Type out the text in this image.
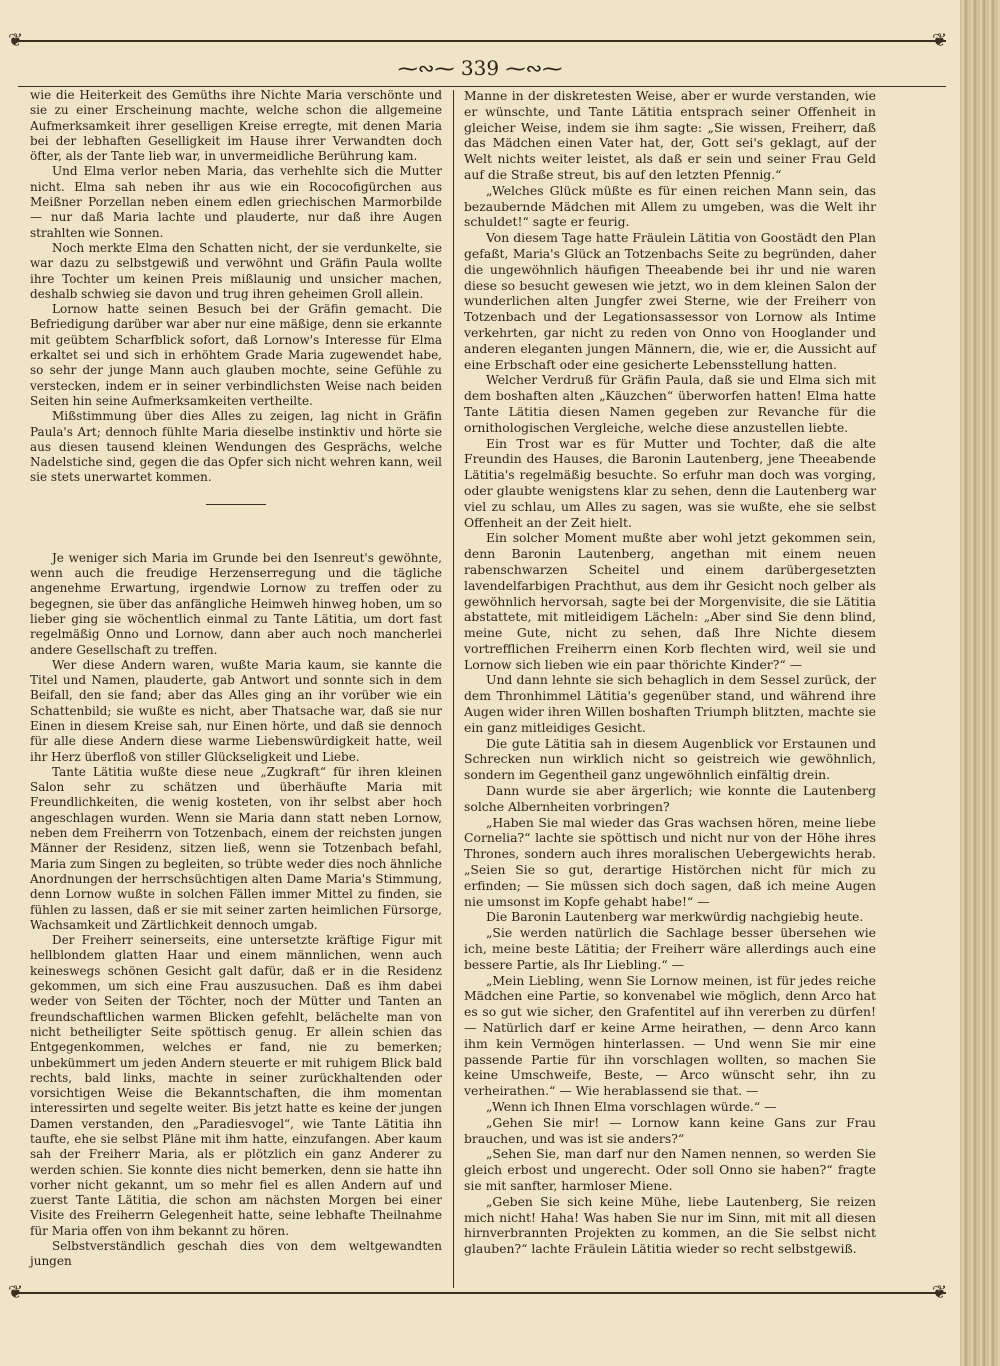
❦	❦
⁓∾⁓ 339 ⁓∾⁓

wie die Heiterkeit des Gemüths ihre Nichte Maria verschönte und sie zu einer Erscheinung machte, welche schon die allgemeine Aufmerksamkeit ihrer geselligen Kreise erregte, mit denen Maria bei der lebhaften Geselligkeit im Hause ihrer Verwandten doch öfter, als der Tante lieb war, in unvermeidliche Berührung kam.

Und Elma verlor neben Maria, das verhehlte sich die Mutter nicht. Elma sah neben ihr aus wie ein Rococofigürchen aus Meißner Porzellan neben einem edlen griechischen Marmorbilde — nur daß Maria lachte und plauderte, nur daß ihre Augen strahlten wie Sonnen.

Noch merkte Elma den Schatten nicht, der sie verdunkelte, sie war dazu zu selbstgewiß und verwöhnt und Gräfin Paula wollte ihre Tochter um keinen Preis mißlaunig und unsicher machen, deshalb schwieg sie davon und trug ihren geheimen Groll allein.

Lornow hatte seinen Besuch bei der Gräfin gemacht. Die Befriedigung darüber war aber nur eine mäßige, denn sie erkannte mit geübtem Scharfblick sofort, daß Lornow's Interesse für Elma erkaltet sei und sich in erhöhtem Grade Maria zugewendet habe, so sehr der junge Mann auch glauben mochte, seine Gefühle zu verstecken, indem er in seiner verbindlichsten Weise nach beiden Seiten hin seine Aufmerksamkeiten vertheilte.

Mißstimmung über dies Alles zu zeigen, lag nicht in Gräfin Paula's Art; dennoch fühlte Maria dieselbe instinktiv und hörte sie aus diesen tausend kleinen Wendungen des Gesprächs, welche Nadelstiche sind, gegen die das Opfer sich nicht wehren kann, weil sie stets unerwartet kommen.

Je weniger sich Maria im Grunde bei den Isenreut's gewöhnte, wenn auch die freudige Herzenserregung und die tägliche angenehme Erwartung, irgendwie Lornow zu treffen oder zu begegnen, sie über das anfängliche Heimweh hinweg hoben, um so lieber ging sie wöchentlich einmal zu Tante Lätitia, um dort fast regelmäßig Onno und Lornow, dann aber auch noch mancherlei andere Gesellschaft zu treffen.

Wer diese Andern waren, wußte Maria kaum, sie kannte die Titel und Namen, plauderte, gab Antwort und sonnte sich in dem Beifall, den sie fand; aber das Alles ging an ihr vorüber wie ein Schattenbild; sie wußte es nicht, aber Thatsache war, daß sie nur Einen in diesem Kreise sah, nur Einen hörte, und daß sie dennoch für alle diese Andern diese warme Liebenswürdigkeit hatte, weil ihr Herz überfloß von stiller Glückseligkeit und Liebe.

Tante Lätitia wußte diese neue „Zugkraft“ für ihren kleinen Salon sehr zu schätzen und überhäufte Maria mit Freundlichkeiten, die wenig kosteten, von ihr selbst aber hoch angeschlagen wurden. Wenn sie Maria dann statt neben Lornow, neben dem Freiherrn von Totzenbach, einem der reichsten jungen Männer der Residenz, sitzen ließ, wenn sie Totzenbach befahl, Maria zum Singen zu begleiten, so trübte weder dies noch ähnliche Anordnungen der herrschsüchtigen alten Dame Maria's Stimmung, denn Lornow wußte in solchen Fällen immer Mittel zu finden, sie fühlen zu lassen, daß er sie mit seiner zarten heimlichen Fürsorge, Wachsamkeit und Zärtlichkeit dennoch umgab.

Der Freiherr seinerseits, eine untersetzte kräftige Figur mit hellblondem glatten Haar und einem männlichen, wenn auch keineswegs schönen Gesicht galt dafür, daß er in die Residenz gekommen, um sich eine Frau auszusuchen. Daß es ihm dabei weder von Seiten der Töchter, noch der Mütter und Tanten an freundschaftlichen warmen Blicken gefehlt, belächelte man von nicht betheiligter Seite spöttisch genug. Er allein schien das Entgegenkommen, welches er fand, nie zu bemerken; unbekümmert um jeden Andern steuerte er mit ruhigem Blick bald rechts, bald links, machte in seiner zurückhaltenden oder vorsichtigen Weise die Bekanntschaften, die ihm momentan interessirten und segelte weiter. Bis jetzt hatte es keine der jungen Damen verstanden, den „Paradiesvogel“, wie Tante Lätitia ihn taufte, ehe sie selbst Pläne mit ihm hatte, einzufangen. Aber kaum sah der Freiherr Maria, als er plötzlich ein ganz Anderer zu werden schien. Sie konnte dies nicht bemerken, denn sie hatte ihn vorher nicht gekannt, um so mehr fiel es allen Andern auf und zuerst Tante Lätitia, die schon am nächsten Morgen bei einer Visite des Freiherrn Gelegenheit hatte, seine lebhafte Theilnahme für Maria offen von ihm bekannt zu hören.

Selbstverständlich geschah dies von dem weltgewandten jungen

Manne in der diskretesten Weise, aber er wurde verstanden, wie er wünschte, und Tante Lätitia entsprach seiner Offenheit in gleicher Weise, indem sie ihm sagte: „Sie wissen, Freiherr, daß das Mädchen einen Vater hat, der, Gott sei's geklagt, auf der Welt nichts weiter leistet, als daß er sein und seiner Frau Geld auf die Straße streut, bis auf den letzten Pfennig.“

„Welches Glück müßte es für einen reichen Mann sein, das bezaubernde Mädchen mit Allem zu umgeben, was die Welt ihr schuldet!“ sagte er feurig.

Von diesem Tage hatte Fräulein Lätitia von Goostädt den Plan gefaßt, Maria's Glück an Totzenbachs Seite zu begründen, daher die ungewöhnlich häufigen Theeabende bei ihr und nie waren diese so besucht gewesen wie jetzt, wo in dem kleinen Salon der wunderlichen alten Jungfer zwei Sterne, wie der Freiherr von Totzenbach und der Legationsassessor von Lornow als Intime verkehrten, gar nicht zu reden von Onno von Hooglander und anderen eleganten jungen Männern, die, wie er, die Aussicht auf eine Erbschaft oder eine gesicherte Lebensstellung hatten.

Welcher Verdruß für Gräfin Paula, daß sie und Elma sich mit dem boshaften alten „Käuzchen“ überworfen hatten! Elma hatte Tante Lätitia diesen Namen gegeben zur Revanche für die ornithologischen Vergleiche, welche diese anzustellen liebte.

Ein Trost war es für Mutter und Tochter, daß die alte Freundin des Hauses, die Baronin Lautenberg, jene Theeabende Lätitia's regelmäßig besuchte. So erfuhr man doch was vorging, oder glaubte wenigstens klar zu sehen, denn die Lautenberg war viel zu schlau, um Alles zu sagen, was sie wußte, ehe sie selbst Offenheit an der Zeit hielt.

Ein solcher Moment mußte aber wohl jetzt gekommen sein, denn Baronin Lautenberg, angethan mit einem neuen rabenschwarzen Scheitel und einem darübergesetzten lavendelfarbigen Prachthut, aus dem ihr Gesicht noch gelber als gewöhnlich hervorsah, sagte bei der Morgenvisite, die sie Lätitia abstattete, mit mitleidigem Lächeln: „Aber sind Sie denn blind, meine Gute, nicht zu sehen, daß Ihre Nichte diesem vortrefflichen Freiherrn einen Korb flechten wird, weil sie und Lornow sich lieben wie ein paar thörichte Kinder?“ —

Und dann lehnte sie sich behaglich in dem Sessel zurück, der dem Thronhimmel Lätitia's gegenüber stand, und während ihre Augen wider ihren Willen boshaften Triumph blitzten, machte sie ein ganz mitleidiges Gesicht.

Die gute Lätitia sah in diesem Augenblick vor Erstaunen und Schrecken nun wirklich nicht so geistreich wie gewöhnlich, sondern im Gegentheil ganz ungewöhnlich einfältig drein.

Dann wurde sie aber ärgerlich; wie konnte die Lautenberg solche Albernheiten vorbringen?

„Haben Sie mal wieder das Gras wachsen hören, meine liebe Cornelia?“ lachte sie spöttisch und nicht nur von der Höhe ihres Thrones, sondern auch ihres moralischen Uebergewichts herab. „Seien Sie so gut, derartige Histörchen nicht für mich zu erfinden; — Sie müssen sich doch sagen, daß ich meine Augen nie umsonst im Kopfe gehabt habe!“ —

Die Baronin Lautenberg war merkwürdig nachgiebig heute.

„Sie werden natürlich die Sachlage besser übersehen wie ich, meine beste Lätitia; der Freiherr wäre allerdings auch eine bessere Partie, als Ihr Liebling.“ —

„Mein Liebling, wenn Sie Lornow meinen, ist für jedes reiche Mädchen eine Partie, so konvenabel wie möglich, denn Arco hat es so gut wie sicher, den Grafentitel auf ihn vererben zu dürfen! — Natürlich darf er keine Arme heirathen, — denn Arco kann ihm kein Vermögen hinterlassen. — Und wenn Sie mir eine passende Partie für ihn vorschlagen wollten, so machen Sie keine Umschweife, Beste, — Arco wünscht sehr, ihn zu verheirathen.“ — Wie herablassend sie that. —

„Wenn ich Ihnen Elma vorschlagen würde.“ —

„Gehen Sie mir! — Lornow kann keine Gans zur Frau brauchen, und was ist sie anders?“

„Sehen Sie, man darf nur den Namen nennen, so werden Sie gleich erbost und ungerecht. Oder soll Onno sie haben?“ fragte sie mit sanfter, harmloser Miene.

„Geben Sie sich keine Mühe, liebe Lautenberg, Sie reizen mich nicht! Haha! Was haben Sie nur im Sinn, mit mit all diesen hirnverbrannten Projekten zu kommen, an die Sie selbst nicht glauben?“ lachte Fräulein Lätitia wieder so recht selbstgewiß.

❦	❦
